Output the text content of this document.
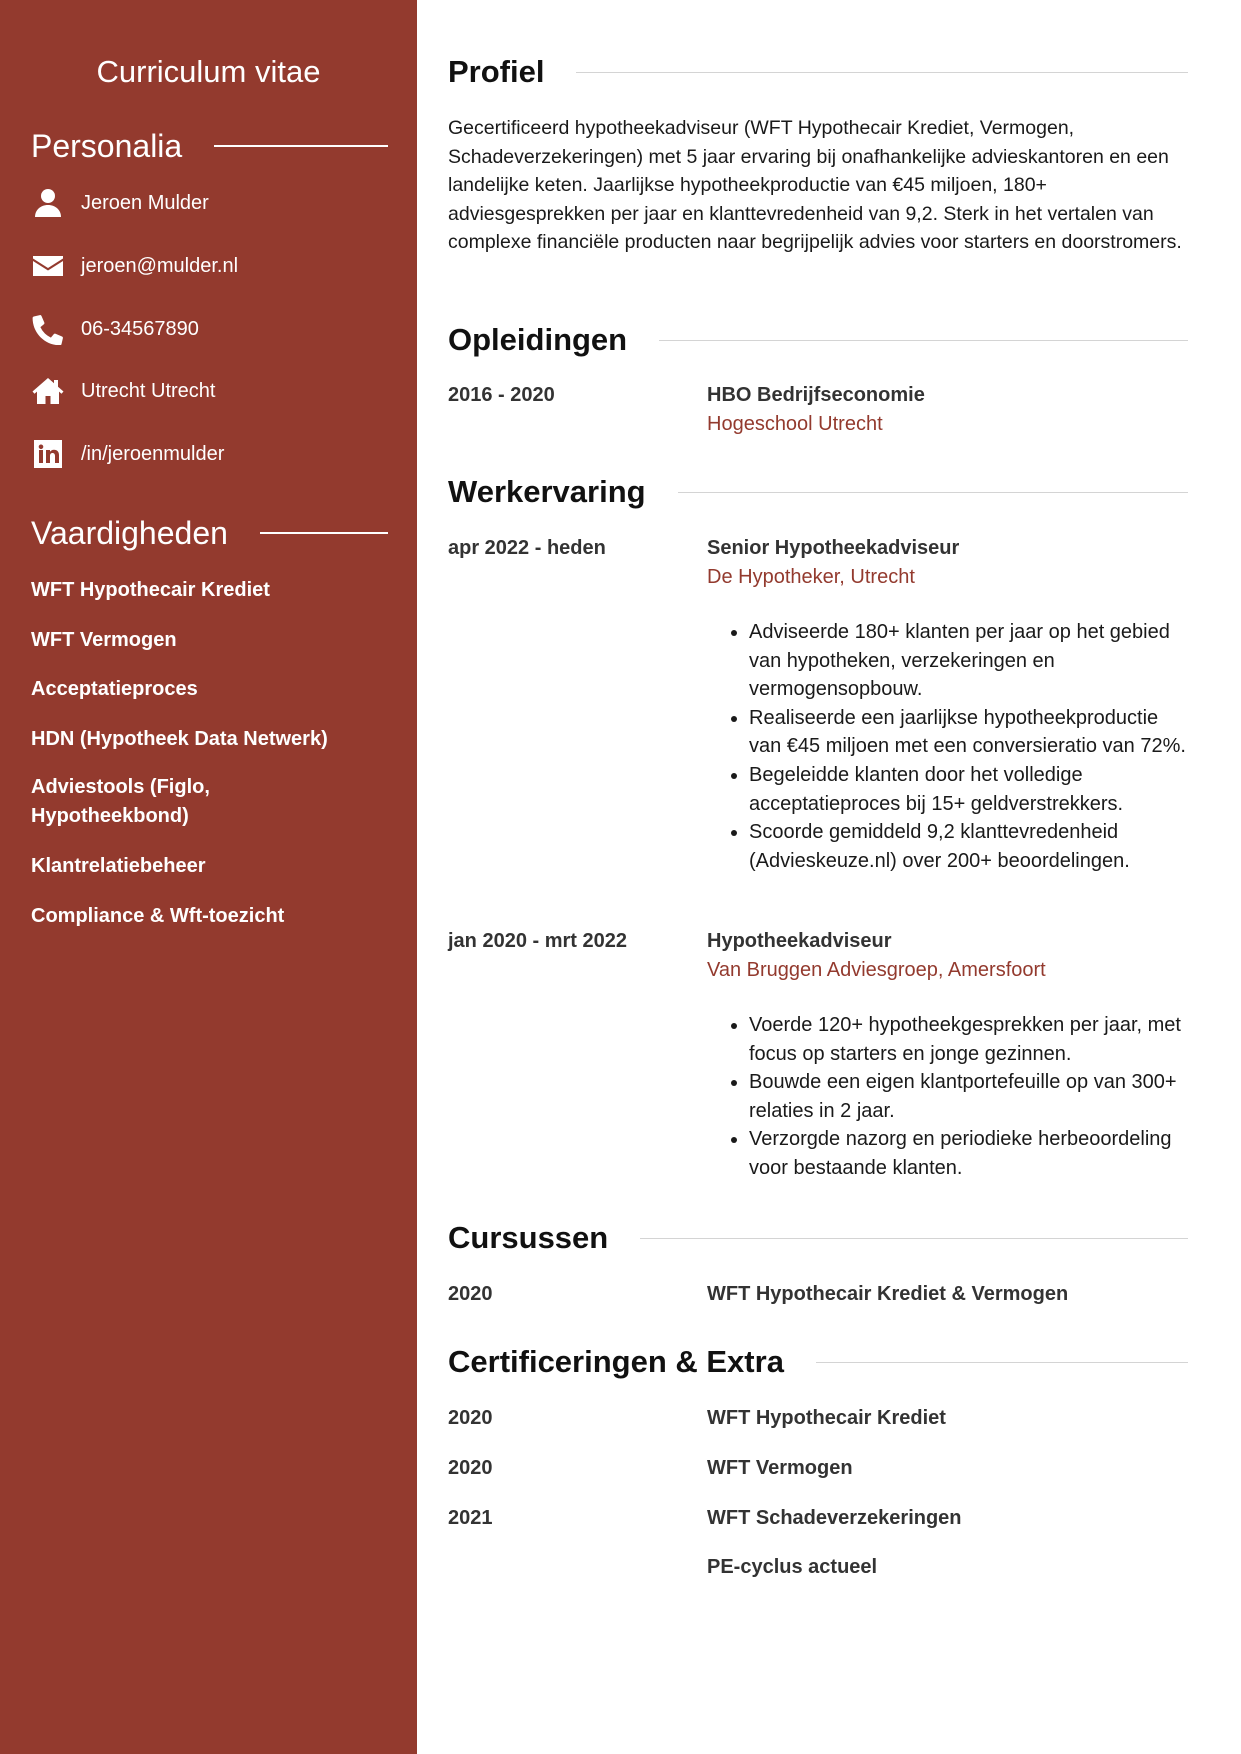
Curriculum vitae
Personalia
Jeroen Mulder
jeroen@mulder.nl
06-34567890
Utrecht Utrecht
/in/jeroenmulder
Vaardigheden
WFT Hypothecair Krediet
WFT Vermogen
Acceptatieproces
HDN (Hypotheek Data Netwerk)
Adviestools (Figlo, Hypotheekbond)
Klantrelatiebeheer
Compliance & Wft-toezicht
Profiel
Gecertificeerd hypotheekadviseur (WFT Hypothecair Krediet, Vermogen, Schadeverzekeringen) met 5 jaar ervaring bij onafhankelijke advieskantoren en een landelijke keten. Jaarlijkse hypotheekproductie van €45 miljoen, 180+ adviesgesprekken per jaar en klanttevredenheid van 9,2. Sterk in het vertalen van complexe financiële producten naar begrijpelijk advies voor starters en doorstromers.
Opleidingen
2016 - 2020	HBO Bedrijfseconomie
Hogeschool Utrecht
Werkervaring
apr 2022 - heden	Senior Hypotheekadviseur
De Hypotheker, Utrecht
• Adviseerde 180+ klanten per jaar op het gebied van hypotheken, verzekeringen en vermogensopbouw.
• Realiseerde een jaarlijkse hypotheekproductie van €45 miljoen met een conversieratio van 72%.
• Begeleidde klanten door het volledige acceptatieproces bij 15+ geldverstrekkers.
• Scoorde gemiddeld 9,2 klanttevredenheid (Advieskeuze.nl) over 200+ beoordelingen.
jan 2020 - mrt 2022	Hypotheekadviseur
Van Bruggen Adviesgroep, Amersfoort
• Voerde 120+ hypotheekgesprekken per jaar, met focus op starters en jonge gezinnen.
• Bouwde een eigen klantportefeuille op van 300+ relaties in 2 jaar.
• Verzorgde nazorg en periodieke herbeoordeling voor bestaande klanten.
Cursussen
2020	WFT Hypothecair Krediet & Vermogen
Certificeringen & Extra
2020	WFT Hypothecair Krediet
2020	WFT Vermogen
2021	WFT Schadeverzekeringen
PE-cyclus actueel
